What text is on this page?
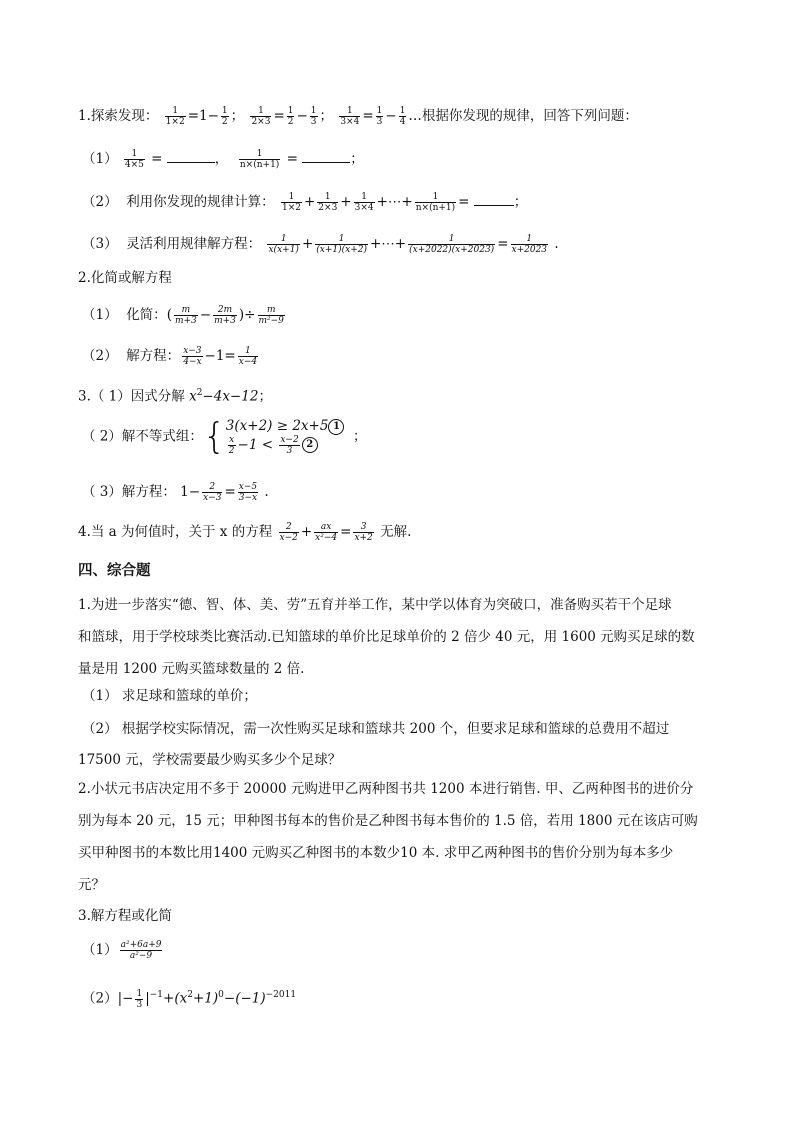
1.探索发现： $\frac{1}{1\times 2} =1- \frac{1}{2}$ ； $\frac{1}{2\times 3} = \frac{1}{2} - \frac{1}{3}$ ； $\frac{1}{3\times 4} = \frac{1}{3} - \frac{1}{4}$ …根据你发现的规律，回答下列问题：
$(1) \frac{1}{4\times 5}$ =	， $\frac{1}{n\times(n+1)}$ =	；
（2） 利用你发现的规律计算： $\frac{1}{1\times 2} + \frac{1}{2\times 3} + \frac{1}{3\times 4}$ +⋯+ $\frac{1}{n\times(n+1)}$ =	；
（3） 灵活利用规律解方程： $\frac{1}{x(x+1)} + \frac{1}{(x+1)(x+2)}$ +⋯+ $\frac{1}{(x+2022)(x+2023)} = \frac{1}{x+2023}$ .
2.化简或解方程
（1） 化简：( $\frac{m}{m+3} - \frac{2m}{m+3}$ )÷ $\frac{m}{\text{m²−9}}$
（2） 解方程： $\frac{x-3}{4-x} -1= \frac{1}{x-4}$
3.（ 1）因式分解 $x^2-4x-12$；
（ 2）解不等式组：{3(x+2) ≥ 2x+5 1

$\frac{x}{2} -1 < \frac{x-2}{3} 2$  ；
（ 3）解方程： $1- \frac{2}{x-3} = \frac{x-5}{3-x}$ .
4.当 a 为何值时，关于 x 的方程 $\frac{2}{x-2} + \frac{ax}{\text{x²−4}} = \frac{3}{x+2}$ 无解.
四、综合题
1.为进一步落实“德、智、体、美、劳”五育并举工作，某中学以体育为突破口，准备购买若干个足球
和篮球，用于学校球类比赛活动.已知篮球的单价比足球单价的 2 倍少 40 元，用 1600 元购买足球的数
量是用 1200 元购买篮球数量的 2 倍.
（1） 求足球和篮球的单价；
（2） 根据学校实际情况，需一次性购买足球和篮球共 200 个，但要求足球和篮球的总费用不超过
17500 元，学校需要最少购买多少个足球？
2.小状元书店决定用不多于 20000 元购进甲乙两种图书共 1200 本进行销售. 甲、乙两种图书的进价分
别为每本 20 元，15 元；甲种图书每本的售价是乙种图书每本售价的 1.5 倍，若用 1800 元在该店可购
买甲种图书的本数比用1400 元购买乙种图书的本数少10 本. 求甲乙两种图书的售价分别为每本多少
元？
3.解方程或化简
$(1) \frac{\text{a²+6a+9}}{\text{a²−9}}$
$(2)|- \frac{1}{3} |^{-1}+(x^2+1)^0-(-1)^{-2011}$
